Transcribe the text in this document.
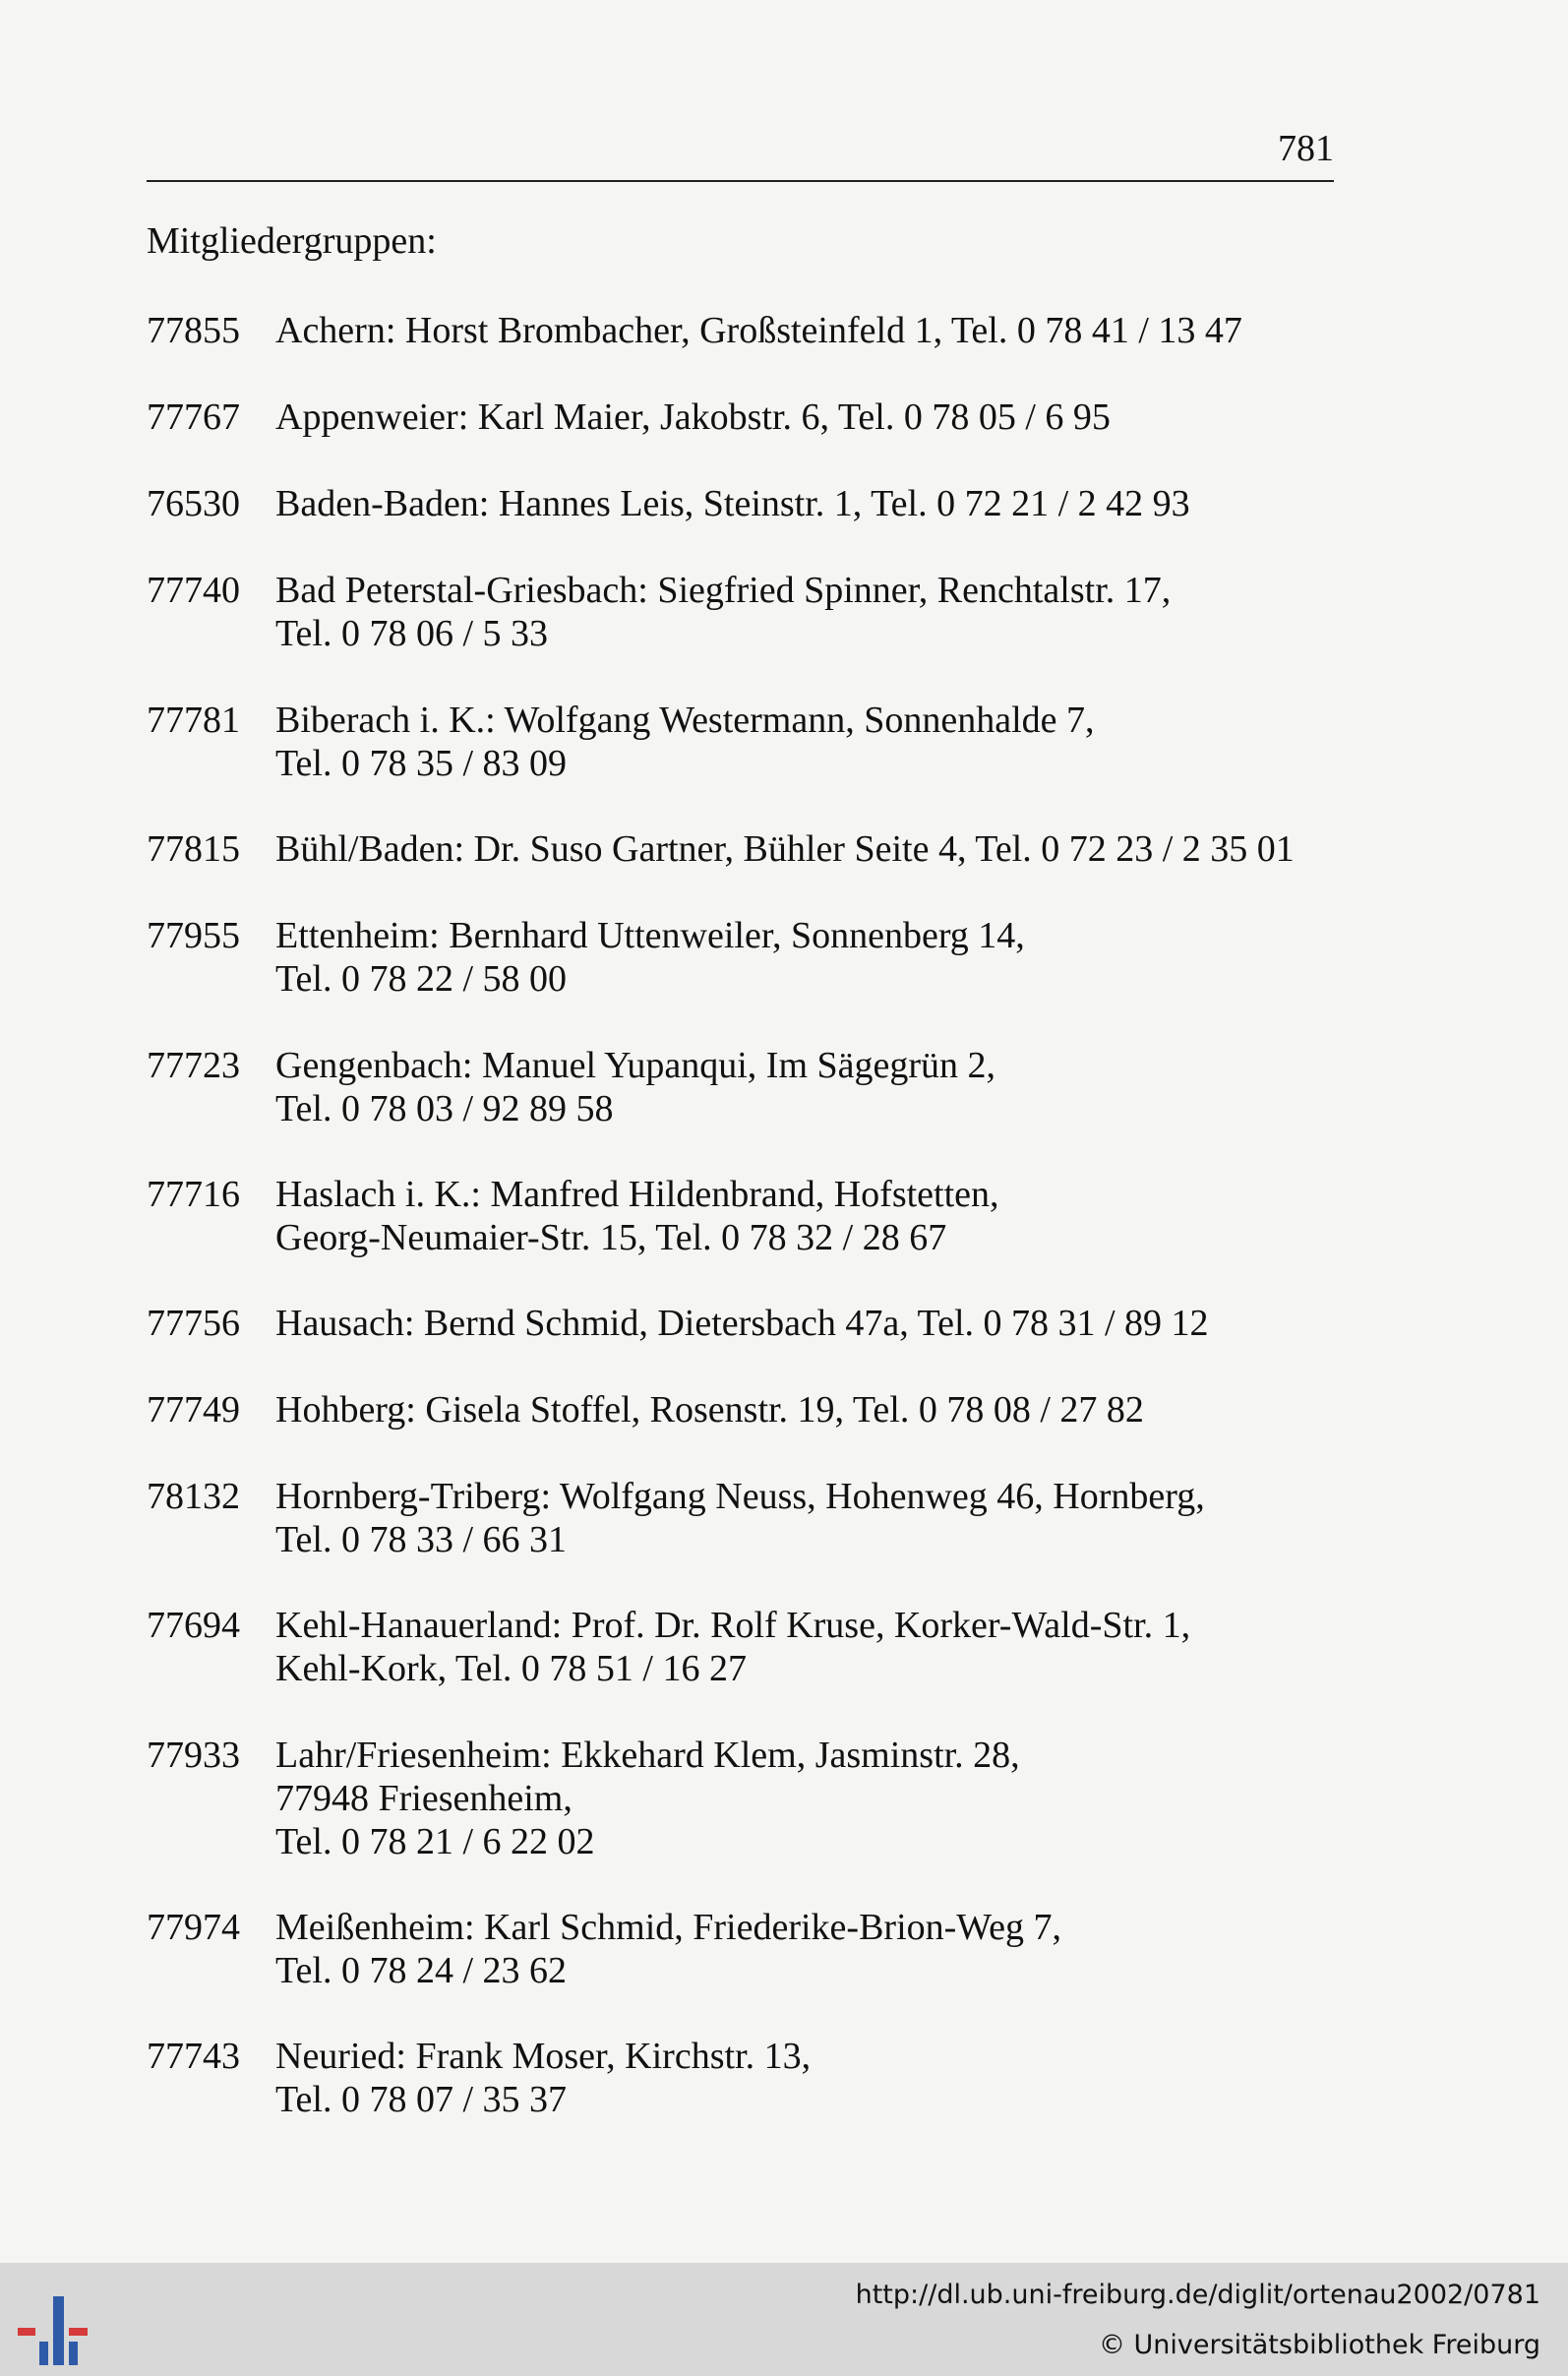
781
Mitgliedergruppen:
77855 Achern: Horst Brombacher, Großsteinfeld 1, Tel. 0 78 41 / 13 47
77767 Appenweier: Karl Maier, Jakobstr. 6, Tel. 0 78 05 / 6 95
76530 Baden-Baden: Hannes Leis, Steinstr. 1, Tel. 0 72 21 / 2 42 93
77740 Bad Peterstal-Griesbach: Siegfried Spinner, Renchtalstr. 17,
Tel. 0 78 06 / 5 33
77781 Biberach i. K.: Wolfgang Westermann, Sonnenhalde 7,
Tel. 0 78 35 / 83 09
77815 Bühl/Baden: Dr. Suso Gartner, Bühler Seite 4, Tel. 0 72 23 / 2 35 01
77955 Ettenheim: Bernhard Uttenweiler, Sonnenberg 14,
Tel. 0 78 22 / 58 00
77723 Gengenbach: Manuel Yupanqui, Im Sägegrün 2,
Tel. 0 78 03 / 92 89 58
77716 Haslach i. K.: Manfred Hildenbrand, Hofstetten,
Georg-Neumaier-Str. 15, Tel. 0 78 32 / 28 67
77756 Hausach: Bernd Schmid, Dietersbach 47a, Tel. 0 78 31 / 89 12
77749 Hohberg: Gisela Stoffel, Rosenstr. 19, Tel. 0 78 08 / 27 82
78132 Hornberg-Triberg: Wolfgang Neuss, Hohenweg 46, Hornberg,
Tel. 0 78 33 / 66 31
77694 Kehl-Hanauerland: Prof. Dr. Rolf Kruse, Korker-Wald-Str. 1,
Kehl-Kork, Tel. 0 78 51 / 16 27
77933 Lahr/Friesenheim: Ekkehard Klem, Jasminstr. 28,
77948 Friesenheim,
Tel. 0 78 21 / 6 22 02
77974 Meißenheim: Karl Schmid, Friederike-Brion-Weg 7,
Tel. 0 78 24 / 23 62
77743 Neuried: Frank Moser, Kirchstr. 13,
Tel. 0 78 07 / 35 37
http://dl.ub.uni-freiburg.de/diglit/ortenau2002/0781
© Universitätsbibliothek Freiburg
